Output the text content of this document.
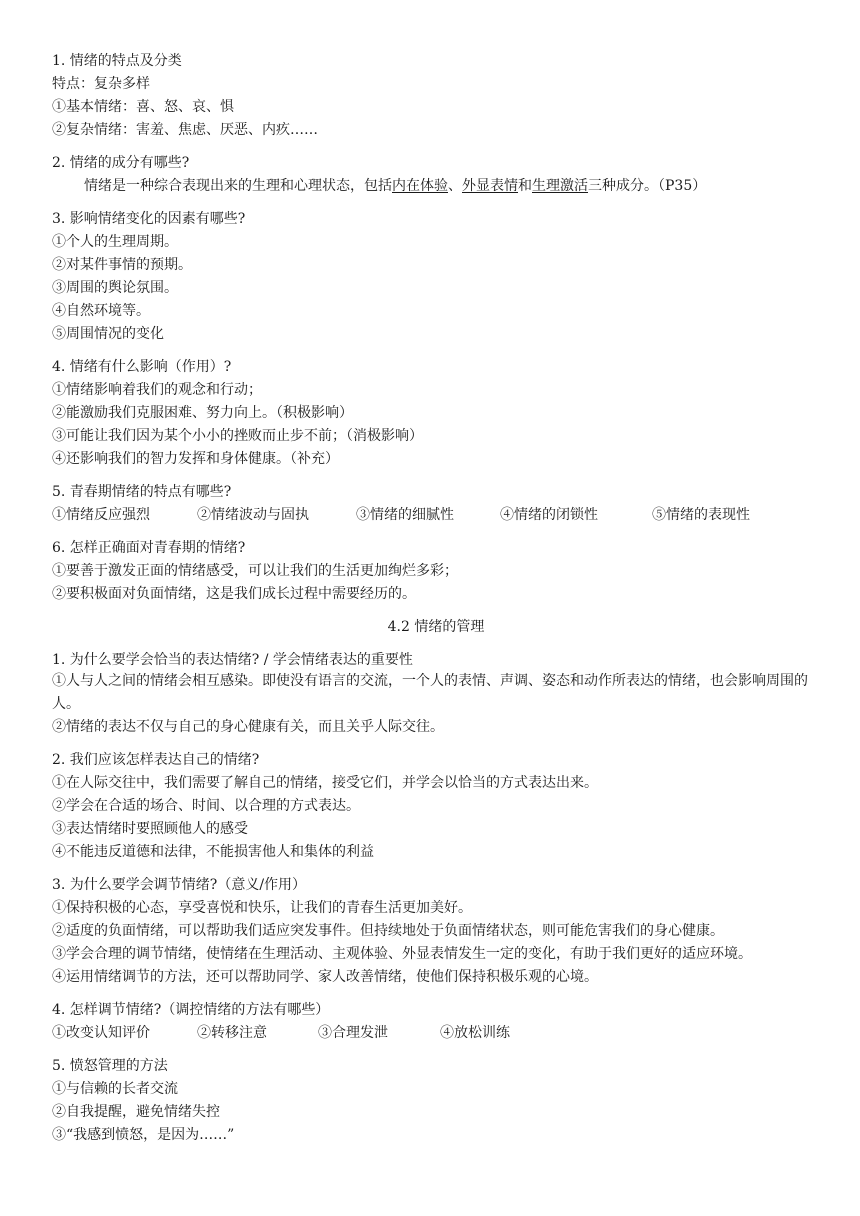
1. 情绪的特点及分类
特点：复杂多样
①基本情绪：喜、怒、哀、惧
②复杂情绪：害羞、焦虑、厌恶、内疚……
2. 情绪的成分有哪些?
情绪是一种综合表现出来的生理和心理状态，包括内在体验、外显表情和生理激活三种成分。（P35）
3. 影响情绪变化的因素有哪些?
①个人的生理周期。
②对某件事情的预期。
③周围的舆论氛围。
④自然环境等。
⑤周围情况的变化
4. 情绪有什么影响（作用）?
①情绪影响着我们的观念和行动；
②能激励我们克服困难、努力向上。（积极影响）
③可能让我们因为某个小小的挫败而止步不前；（消极影响）
④还影响我们的智力发挥和身体健康。（补充）
5. 青春期情绪的特点有哪些?
①情绪反应强烈	②情绪波动与固执	③情绪的细腻性	④情绪的闭锁性	⑤情绪的表现性
6. 怎样正确面对青春期的情绪?
①要善于激发正面的情绪感受，可以让我们的生活更加绚烂多彩；
②要积极面对负面情绪，这是我们成长过程中需要经历的。
4.2 情绪的管理
1. 为什么要学会恰当的表达情绪? / 学会情绪表达的重要性
①人与人之间的情绪会相互感染。即使没有语言的交流，一个人的表情、声调、姿态和动作所表达的情绪，也会影响周围的人。
②情绪的表达不仅与自己的身心健康有关，而且关乎人际交往。
2. 我们应该怎样表达自己的情绪?
①在人际交往中，我们需要了解自己的情绪，接受它们，并学会以恰当的方式表达出来。
②学会在合适的场合、时间、以合理的方式表达。
③表达情绪时要照顾他人的感受
④不能违反道德和法律，不能损害他人和集体的利益
3. 为什么要学会调节情绪?（意义/作用）
①保持积极的心态，享受喜悦和快乐，让我们的青春生活更加美好。
②适度的负面情绪，可以帮助我们适应突发事件。但持续地处于负面情绪状态，则可能危害我们的身心健康。
③学会合理的调节情绪，使情绪在生理活动、主观体验、外显表情发生一定的变化，有助于我们更好的适应环境。
④运用情绪调节的方法，还可以帮助同学、家人改善情绪，使他们保持积极乐观的心境。
4. 怎样调节情绪?（调控情绪的方法有哪些）
①改变认知评价	②转移注意	③合理发泄	④放松训练
5. 愤怒管理的方法
①与信赖的长者交流
②自我提醒，避免情绪失控
③“我感到愤怒，是因为……”
